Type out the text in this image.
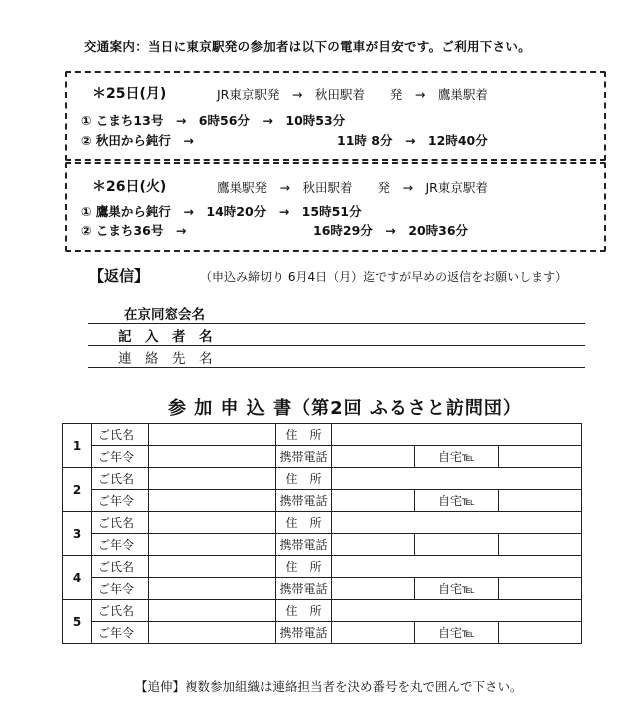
交通案内：当日に東京駅発の参加者は以下の電車が目安です。ご利用下さい。
＊25日(月)	JR東京駅発　→　秋田駅着　　発　→　鷹巣駅着
① こまち13号　→　6時56分　→　10時53分
② 秋田から鈍行　→	11時 8分　→　12時40分
＊26日(火)	鷹巣駅発　→　秋田駅着　　発　→　JR東京駅着
① 鷹巣から鈍行　→　14時20分　→　15時51分
② こまち36号　→	16時29分　→　20時36分
【返信】	（申込み締切り 6月4日（月）迄ですが早めの返信をお願いします）
在京同窓会名
記　入　者　名
連　絡　先　名
参 加 申 込 書（第2回 ふるさと訪問団）
1	ご氏名		住　所			
	ご年令		携帯電話		自宅℡	
2	ご氏名		住　所			
	ご年令		携帯電話		自宅℡	
3	ご氏名		住　所			
	ご年令		携帯電話			
4	ご氏名		住　所			
	ご年令		携帯電話		自宅℡	
5	ご氏名		住　所			
	ご年令		携帯電話		自宅℡	
【追伸】複数参加組織は連絡担当者を決め番号を丸で囲んで下さい。
